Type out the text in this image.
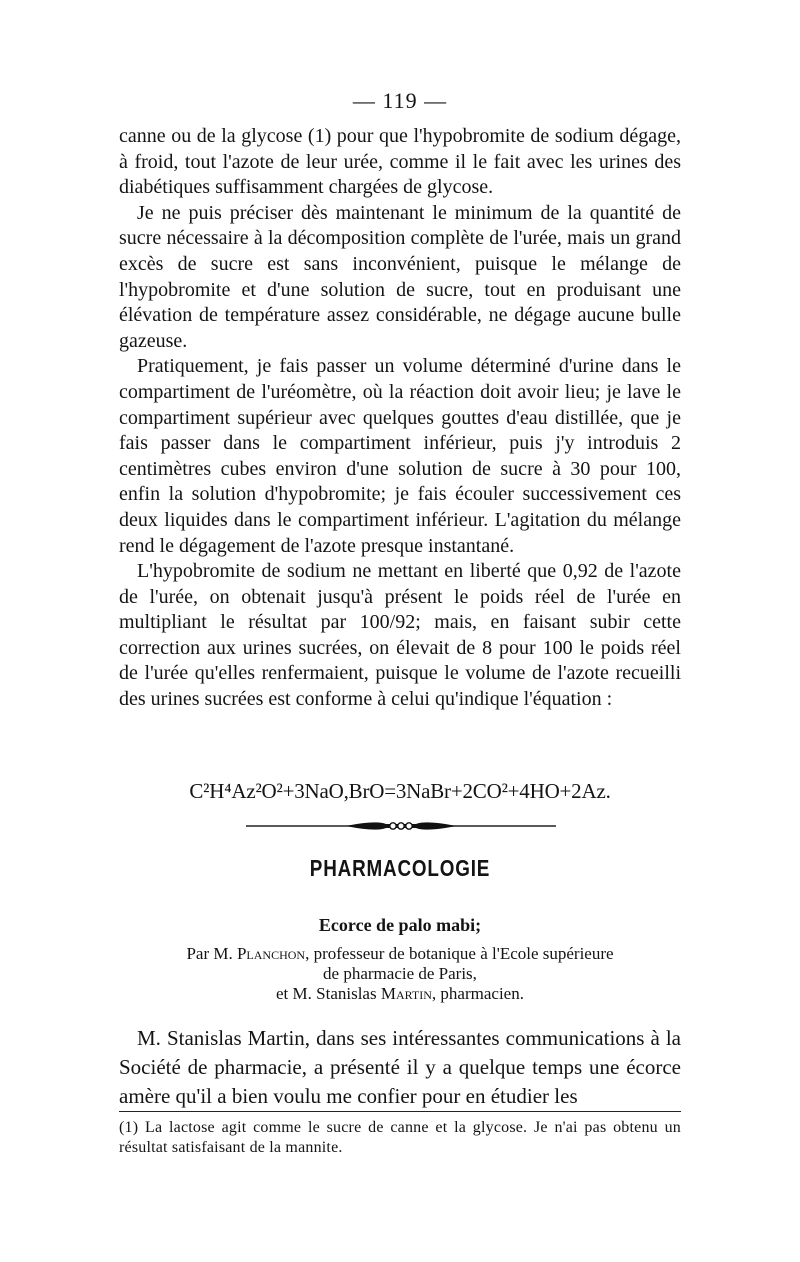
— 119 —

canne ou de la glycose (1) pour que l'hypobromite de sodium dégage, à froid, tout l'azote de leur urée, comme il le fait avec les urines des diabétiques suffisamment chargées de glycose.

Je ne puis préciser dès maintenant le minimum de la quantité de sucre nécessaire à la décomposition complète de l'urée, mais un grand excès de sucre est sans inconvénient, puisque le mélange de l'hypobromite et d'une solution de sucre, tout en produisant une élévation de température assez considérable, ne dégage aucune bulle gazeuse.

Pratiquement, je fais passer un volume déterminé d'urine dans le compartiment de l'uréomètre, où la réaction doit avoir lieu; je lave le compartiment supérieur avec quelques gouttes d'eau distillée, que je fais passer dans le compartiment inférieur, puis j'y introduis 2 centimètres cubes environ d'une solution de sucre à 30 pour 100, enfin la solution d'hypobromite; je fais écouler successivement ces deux liquides dans le compartiment inférieur. L'agitation du mélange rend le dégagement de l'azote presque instantané.

L'hypobromite de sodium ne mettant en liberté que 0,92 de l'azote de l'urée, on obtenait jusqu'à présent le poids réel de l'urée en multipliant le résultat par 100/92; mais, en faisant subir cette correction aux urines sucrées, on élevait de 8 pour 100 le poids réel de l'urée qu'elles renfermaient, puisque le volume de l'azote recueilli des urines sucrées est conforme à celui qu'indique l'équation :

C²H⁴Az²O²+3NaO,BrO=3NaBr+2CO²+4HO+2Az.
PHARMACOLOGIE
Ecorce de palo mabi;
Par M. Planchon, professeur de botanique à l'Ecole supérieure
de pharmacie de Paris,
et M. Stanislas Martin, pharmacien.

M. Stanislas Martin, dans ses intéressantes communications à la Société de pharmacie, a présenté il y a quelque temps une écorce amère qu'il a bien voulu me confier pour en étudier les

(1) La lactose agit comme le sucre de canne et la glycose. Je n'ai pas obtenu un résultat satisfaisant de la mannite.
